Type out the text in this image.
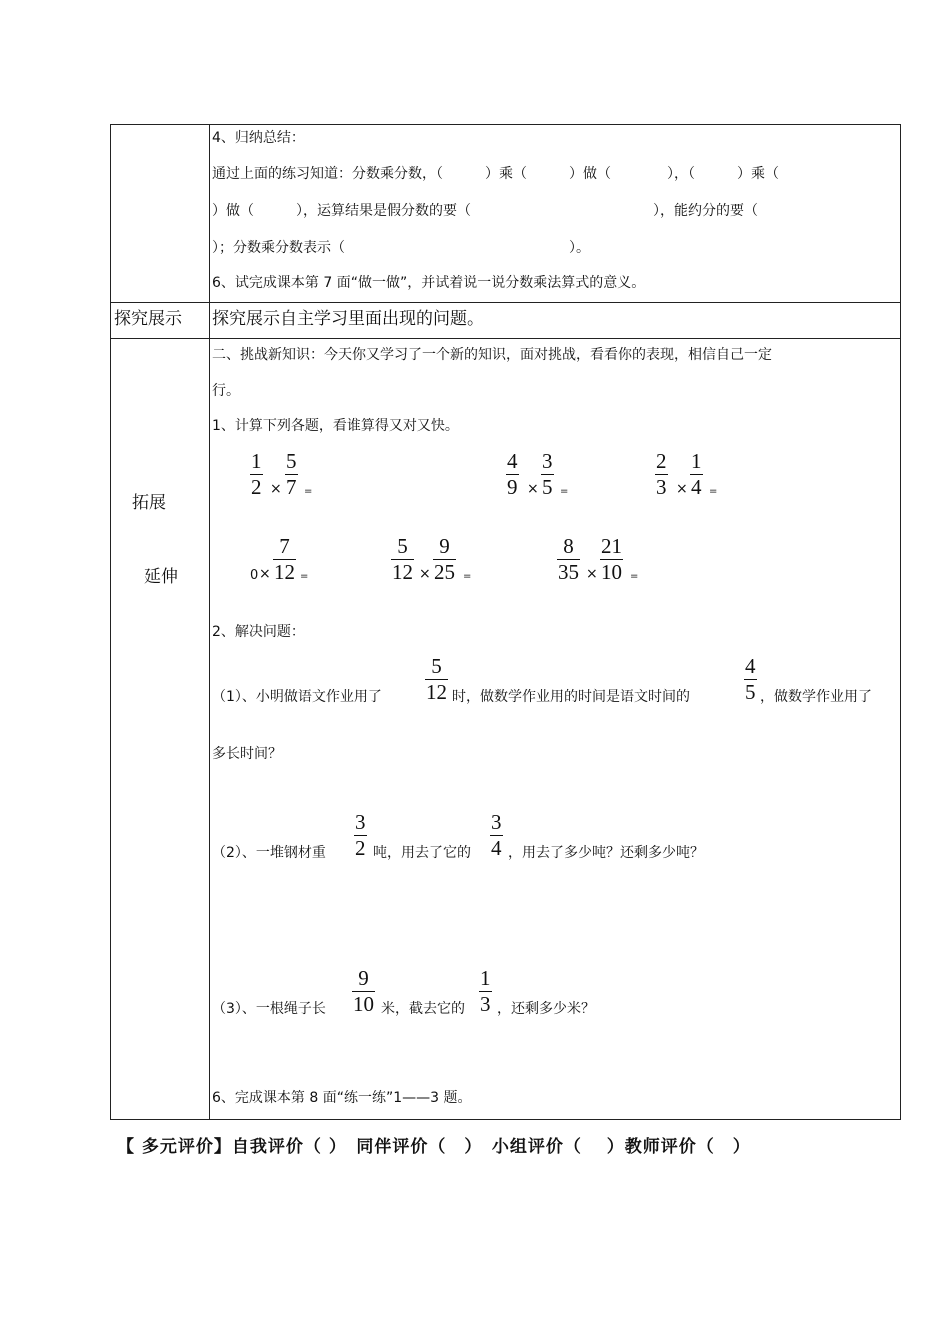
4、归纳总结：
通过上面的练习知道：分数乘分数，（　　　）乘（　　　）做（　　　　），（　　　）乘（
）做（　　　），运算结果是假分数的要（　　　　　　　　　　　　　），能约分的要（
）；分数乘分数表示（　　　　　　　　　　　　　　　　）。
6、试完成课本第 7 面“做一做”，并试着说一说分数乘法算式的意义。
探究展示 探究展示自主学习里面出现的问题。
拓展
延伸
二、挑战新知识：今天你又学习了一个新的知识，面对挑战，看看你的表现，相信自己一定
行。
1、计算下列各题，看谁算得又对又快。
$\frac{1}{2} \times \frac{5}{7}$ =	$\frac{4}{9} \times \frac{3}{5}$ =	$\frac{2}{3} \times \frac{1}{4}$ =
$0 \times \frac{7}{12}$ =	$\frac{5}{12} \times \frac{9}{25}$ =	$\frac{8}{35} \times \frac{21}{10}$ =
2、解决问题：
（1）、小明做语文作业用了 $\frac{5}{12}$ 时，做数学作业用的时间是语文时间的	$\frac{4}{5}$ ，做数学作业用了
多长时间？
（2）、一堆钢材重 $\frac{3}{2}$ 吨，用去了它的 $\frac{3}{4}$ ，用去了多少吨？还剩多少吨？
（3）、一根绳子长 $\frac{9}{10}$ 米，截去它的 $\frac{1}{3}$ ，还剩多少米？
6、完成课本第 8 面“练一练”1——3 题。
【 多元评价】自我评价（ ）　同伴评价（　）　小组评价（　 ）教师评价（　）
